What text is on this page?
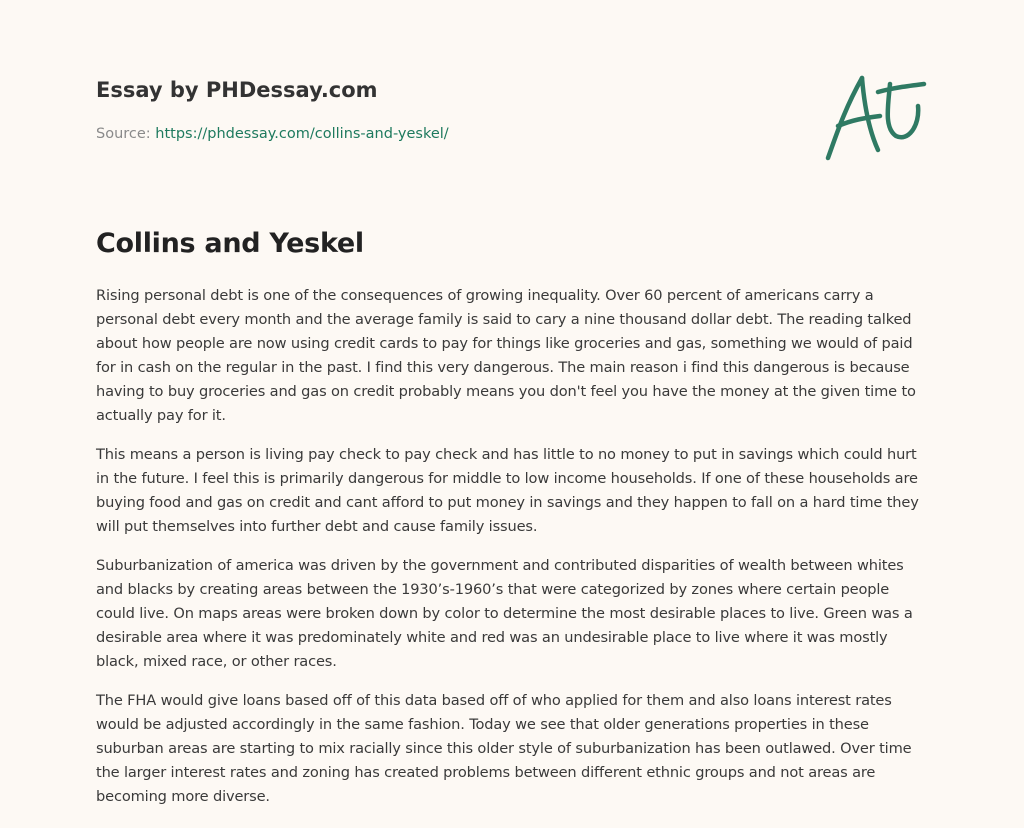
Essay by PHDessay.com
Source: https://phdessay.com/collins-and-yeskel/
Collins and Yeskel

Rising personal debt is one of the consequences of growing inequality. Over 60 percent of americans carry a personal debt every month and the average family is said to cary a nine thousand dollar debt. The reading talked about how people are now using credit cards to pay for things like groceries and gas, something we would of paid for in cash on the regular in the past. I find this very dangerous. The main reason i find this dangerous is because having to buy groceries and gas on credit probably means you don't feel you have the money at the given time to actually pay for it.

This means a person is living pay check to pay check and has little to no money to put in savings which could hurt in the future. I feel this is primarily dangerous for middle to low income households. If one of these households are buying food and gas on credit and cant afford to put money in savings and they happen to fall on a hard time they will put themselves into further debt and cause family issues.

Suburbanization of america was driven by the government and contributed disparities of wealth between whites and blacks by creating areas between the 1930’s-1960’s that were categorized by zones where certain people could live. On maps areas were broken down by color to determine the most desirable places to live. Green was a desirable area where it was predominately white and red was an undesirable place to live where it was mostly black, mixed race, or other races.

The FHA would give loans based off of this data based off of who applied for them and also loans interest rates would be adjusted accordingly in the same fashion. Today we see that older generations properties in these suburban areas are starting to mix racially since this older style of suburbanization has been outlawed. Over time the larger interest rates and zoning has created problems between different ethnic groups and not areas are becoming more diverse.
